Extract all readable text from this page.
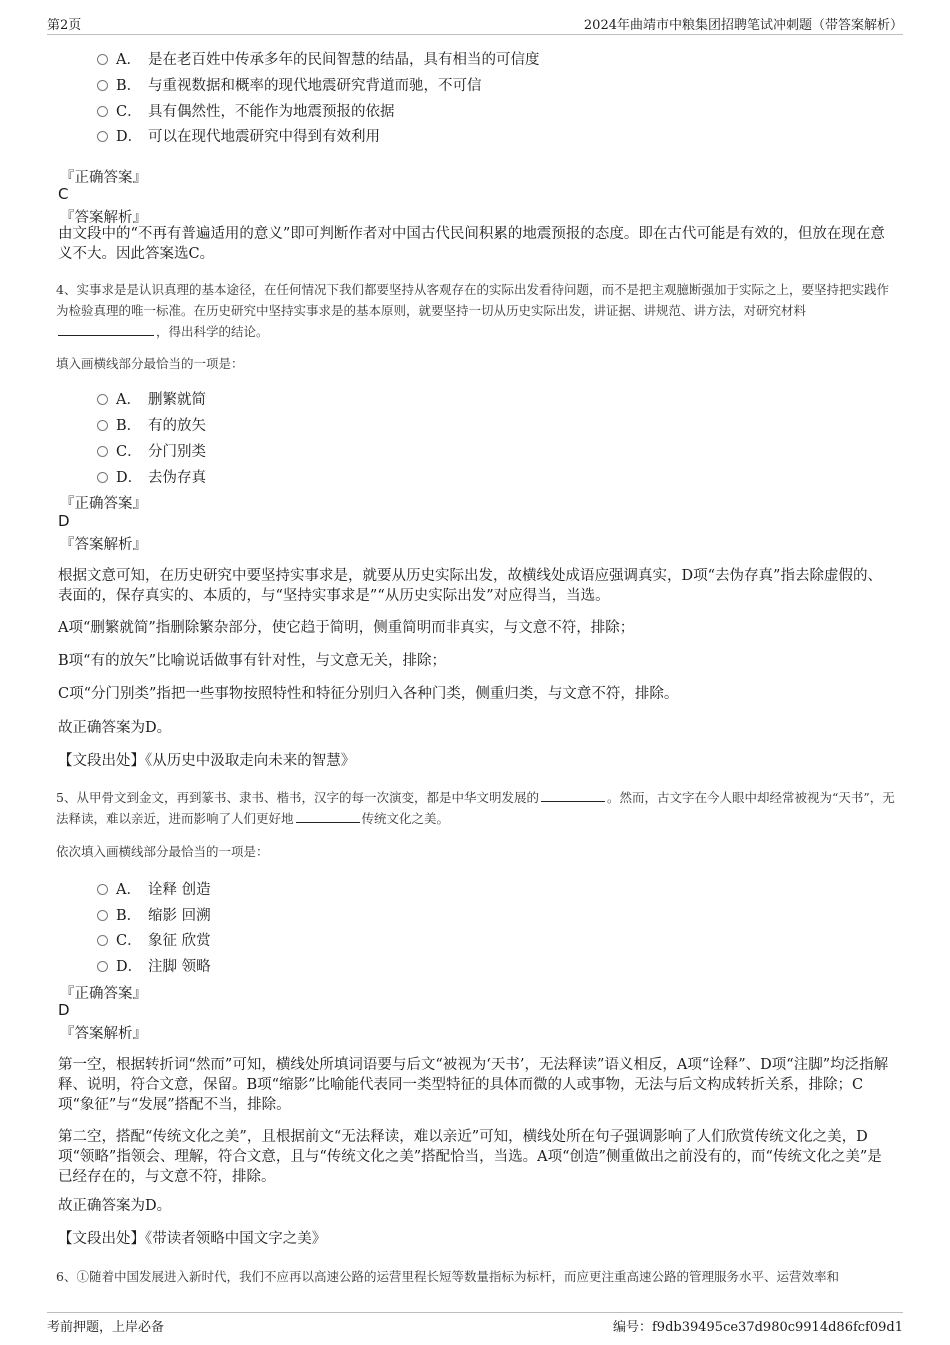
第2页	2024年曲靖市中粮集团招聘笔试冲刺题（带答案解析）
A． 是在老百姓中传承多年的民间智慧的结晶，具有相当的可信度
B． 与重视数据和概率的现代地震研究背道而驰，不可信
C． 具有偶然性，不能作为地震预报的依据
D． 可以在现代地震研究中得到有效利用
『正确答案』
C
『答案解析』
由文段中的“不再有普遍适用的意义”即可判断作者对中国古代民间积累的地震预报的态度。即在古代可能是有效的，但放在现在意义不大。因此答案选C。
4、实事求是是认识真理的基本途径，在任何情况下我们都要坚持从客观存在的实际出发看待问题，而不是把主观臆断强加于实际之上，要坚持把实践作为检验真理的唯一标准。在历史研究中坚持实事求是的基本原则，就要坚持一切从历史实际出发，讲证据、讲规范、讲方法，对研究材料，得出科学的结论。
填入画横线部分最恰当的一项是：
A． 删繁就简
B． 有的放矢
C． 分门别类
D． 去伪存真
『正确答案』
D
『答案解析』
根据文意可知，在历史研究中要坚持实事求是，就要从历史实际出发，故横线处成语应强调真实，D项“去伪存真”指去除虚假的、表面的，保存真实的、本质的，与“坚持实事求是”“从历史实际出发”对应得当，当选。
A项“删繁就简”指删除繁杂部分，使它趋于简明，侧重简明而非真实，与文意不符，排除；
B项“有的放矢”比喻说话做事有针对性，与文意无关，排除；
C项“分门别类”指把一些事物按照特性和特征分别归入各种门类，侧重归类，与文意不符，排除。
故正确答案为D。
【文段出处】《从历史中汲取走向未来的智慧》
5、从甲骨文到金文，再到篆书、隶书、楷书，汉字的每一次演变，都是中华文明发展的	。然而，古文字在今人眼中却经常被视为“天书”，无法释读，难以亲近，进而影响了人们更好地	传统文化之美。
依次填入画横线部分最恰当的一项是：
A． 诠释 创造
B． 缩影 回溯
C． 象征 欣赏
D． 注脚 领略
『正确答案』
D
『答案解析』
第一空，根据转折词“然而”可知，横线处所填词语要与后文“被视为‘天书’，无法释读”语义相反，A项“诠释”、D项“注脚”均泛指解释、说明，符合文意，保留。B项“缩影”比喻能代表同一类型特征的具体而微的人或事物，无法与后文构成转折关系，排除；C项“象征”与“发展”搭配不当，排除。
第二空，搭配“传统文化之美”，且根据前文“无法释读，难以亲近”可知，横线处所在句子强调影响了人们欣赏传统文化之美，D项“领略”指领会、理解，符合文意，且与“传统文化之美”搭配恰当，当选。A项“创造”侧重做出之前没有的，而“传统文化之美”是已经存在的，与文意不符，排除。
故正确答案为D。
【文段出处】《带读者领略中国文字之美》
6、①随着中国发展进入新时代，我们不应再以高速公路的运营里程长短等数量指标为标杆，而应更注重高速公路的管理服务水平、运营效率和
考前押题，上岸必备	编号：f9db39495ce37d980c9914d86fcf09d1
